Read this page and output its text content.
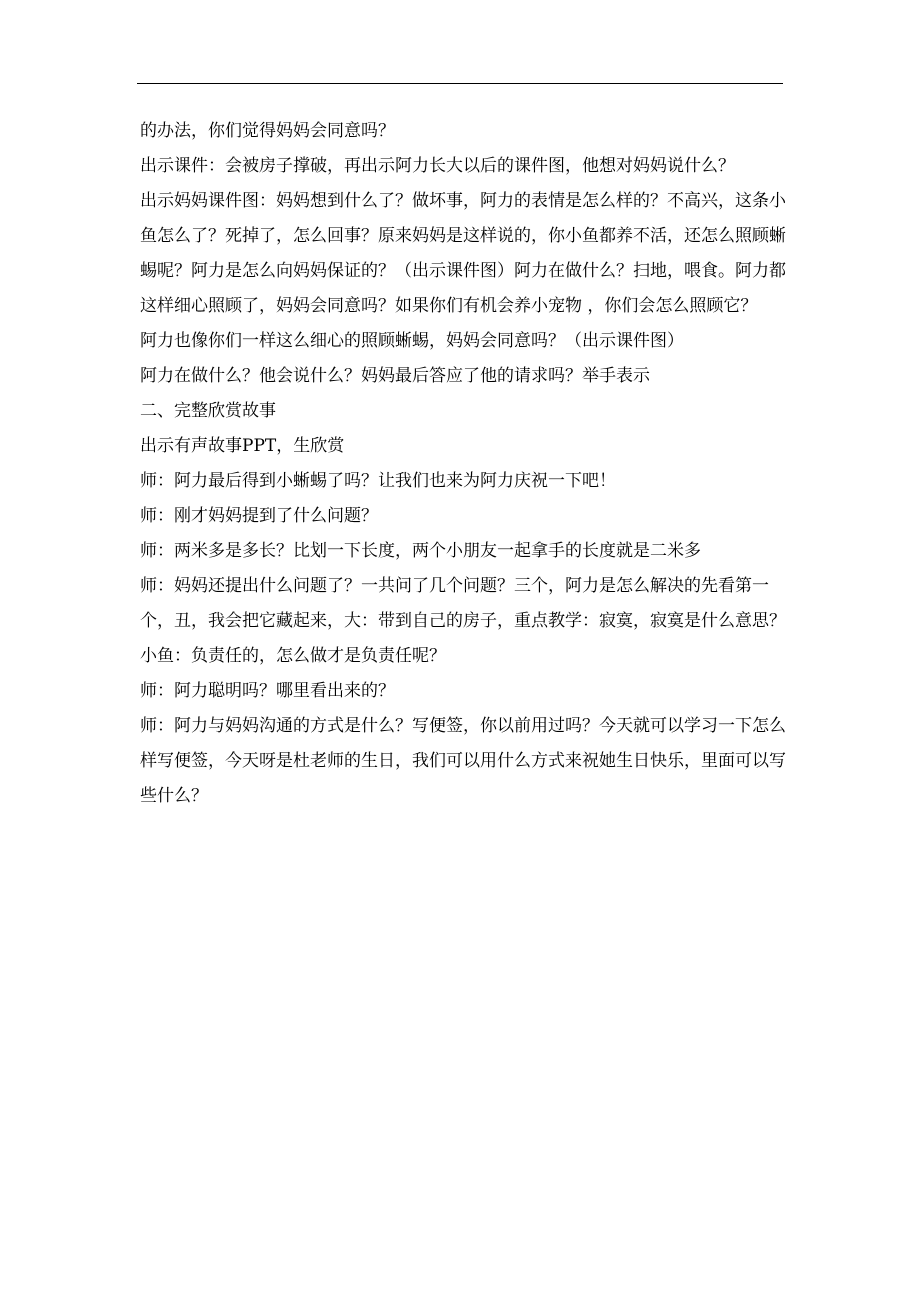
的办法，你们觉得妈妈会同意吗？

出示课件：会被房子撑破，再出示阿力长大以后的课件图，他想对妈妈说什么？

出示妈妈课件图：妈妈想到什么了？做坏事，阿力的表情是怎么样的？不高兴，这条小鱼怎么了？死掉了，怎么回事？原来妈妈是这样说的，你小鱼都养不活，还怎么照顾蜥蜴呢？阿力是怎么向妈妈保证的？（出示课件图）阿力在做什么？扫地，喂食。阿力都这样细心照顾了，妈妈会同意吗？如果你们有机会养小宠物 ，你们会怎么照顾它？

阿力也像你们一样这么细心的照顾蜥蜴，妈妈会同意吗？（出示课件图）

阿力在做什么？他会说什么？妈妈最后答应了他的请求吗？举手表示

二、完整欣赏故事

出示有声故事PPT，生欣赏

师：阿力最后得到小蜥蜴了吗？让我们也来为阿力庆祝一下吧！

师：刚才妈妈提到了什么问题？

师：两米多是多长？比划一下长度，两个小朋友一起拿手的长度就是二米多

师：妈妈还提出什么问题了？一共问了几个问题？三个，阿力是怎么解决的先看第一个，丑，我会把它藏起来，大：带到自己的房子，重点教学：寂寞，寂寞是什么意思？小鱼：负责任的，怎么做才是负责任呢？

师：阿力聪明吗？哪里看出来的？

师：阿力与妈妈沟通的方式是什么？写便签，你以前用过吗？今天就可以学习一下怎么样写便签，今天呀是杜老师的生日，我们可以用什么方式来祝她生日快乐，里面可以写些什么？
